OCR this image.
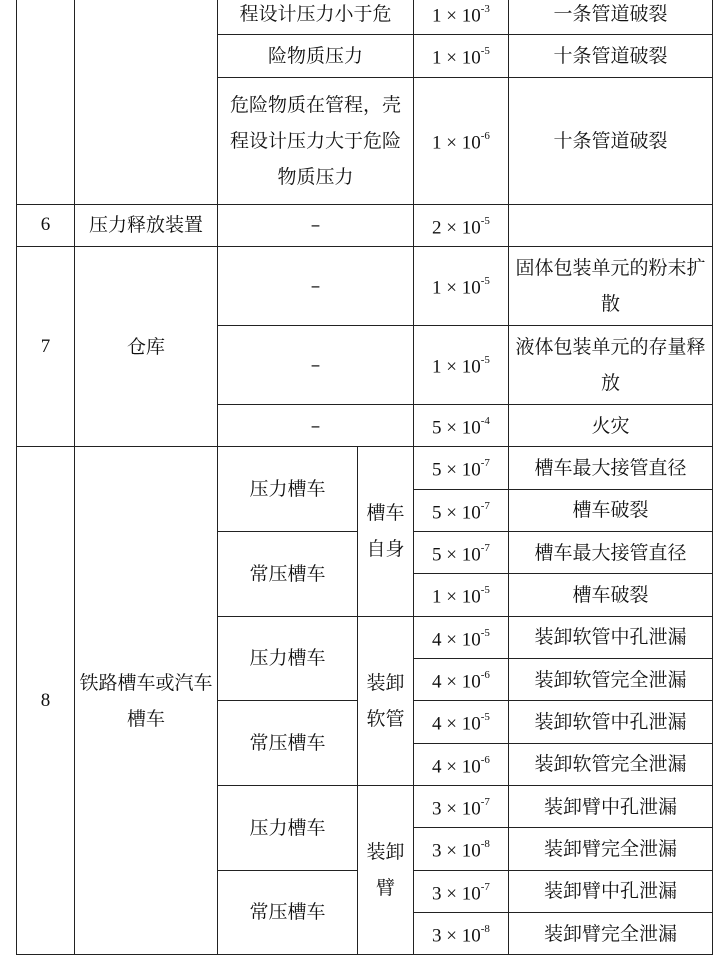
		程设计压力小于危		$1 \times 10^{-3}$	一条管道破裂
		险物质压力		$1 \times 10^{-5}$	十条管道破裂
		危险物质在管程，壳程设计压力大于危险物质压力		$1 \times 10^{-6}$	十条管道破裂
6	压力释放装置	–		$2 \times 10^{-5}$	
7	仓库	–		$1 \times 10^{-5}$	固体包装单元的粉末扩散
		–		$1 \times 10^{-5}$	液体包装单元的存量释放
		–		$5 \times 10^{-4}$	火灾
8	铁路槽车或汽车槽车	压力槽车	槽车自身	$5 \times 10^{-7}$	槽车最大接管直径
				$5 \times 10^{-7}$	槽车破裂
		常压槽车		$5 \times 10^{-7}$	槽车最大接管直径
				$1 \times 10^{-5}$	槽车破裂
		压力槽车	装卸软管	$4 \times 10^{-5}$	装卸软管中孔泄漏
				$4 \times 10^{-6}$	装卸软管完全泄漏
		常压槽车		$4 \times 10^{-5}$	装卸软管中孔泄漏
				$4 \times 10^{-6}$	装卸软管完全泄漏
		压力槽车	装卸臂	$3 \times 10^{-7}$	装卸臂中孔泄漏
				$3 \times 10^{-8}$	装卸臂完全泄漏
		常压槽车		$3 \times 10^{-7}$	装卸臂中孔泄漏
				$3 \times 10^{-8}$	装卸臂完全泄漏
